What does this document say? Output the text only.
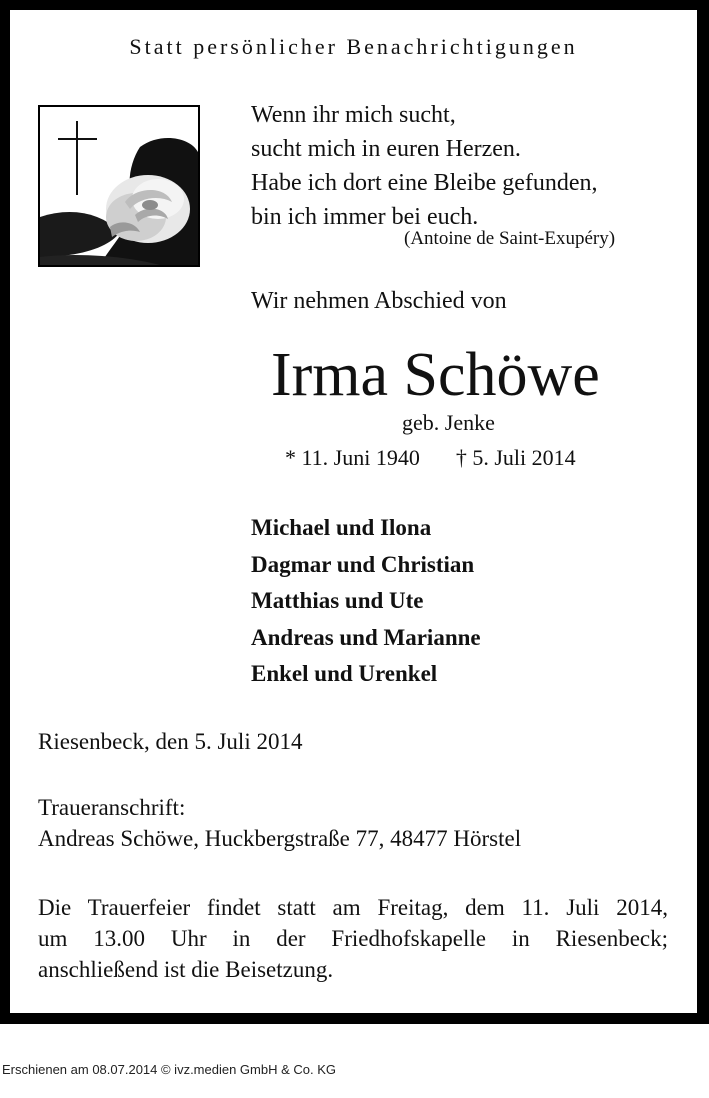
Statt persönlicher Benachrichtigungen
Wenn ihr mich sucht,
sucht mich in euren Herzen.
Habe ich dort eine Bleibe gefunden,
bin ich immer bei euch.
(Antoine de Saint-Exupéry)
Wir nehmen Abschied von
Irma Schöwe
geb. Jenke
* 11. Juni 1940 † 5. Juli 2014
Michael und Ilona
Dagmar und Christian
Matthias und Ute
Andreas und Marianne
Enkel und Urenkel
Riesenbeck, den 5. Juli 2014
Traueranschrift:
Andreas Schöwe, Huckbergstraße 77, 48477 Hörstel
Die Trauerfeier findet statt am Freitag, dem 11. Juli 2014,
um 13.00 Uhr in der Friedhofskapelle in Riesenbeck;
anschließend ist die Beisetzung.
Erschienen am 08.07.2014 © ivz.medien GmbH & Co. KG
